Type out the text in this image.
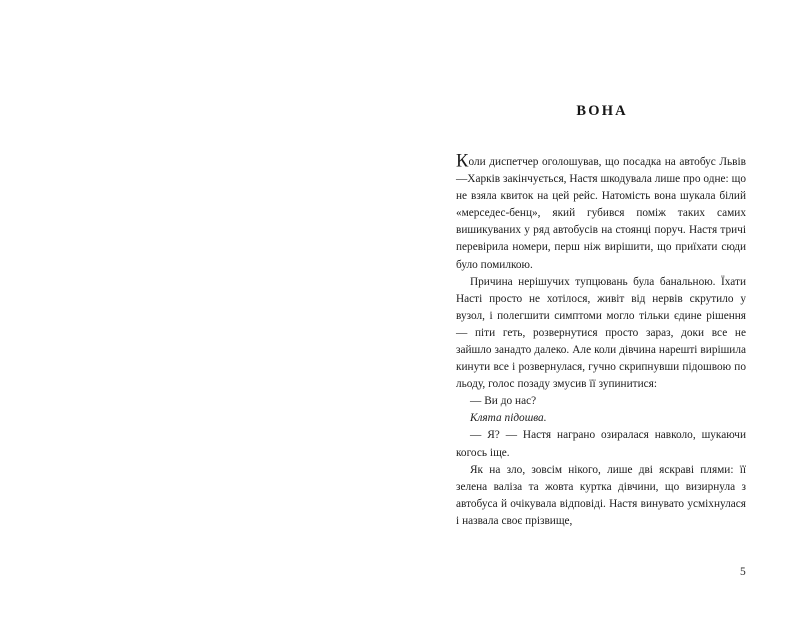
ВОНА

Коли диспетчер оголошував, що посадка на автобус Львів—Харків закінчується, Настя шкодувала лише про одне: що не взяла квиток на цей рейс. Натомість вона шукала білий «мерседес-бенц», який губився поміж таких самих вишикуваних у ряд автобусів на стоянці поруч. Настя тричі перевірила номери, перш ніж вирішити, що приїхати сюди було помилкою.

Причина нерішучих тупцювань була банальною. Їхати Насті просто не хотілося, живіт від нервів скрутило у вузол, і полегшити симптоми могло тільки єдине рішення — піти геть, розвернутися просто зараз, доки все не зайшло занадто далеко. Але коли дівчина нарешті вирішила кинути все і розвернулася, гучно скрипнувши підошвою по льоду, голос позаду змусив її зупинитися:

— Ви до нас?

Клята підошва.

— Я? — Настя награно озиралася навколо, шукаючи когось іще.

Як на зло, зовсім нікого, лише дві яскраві плями: її зелена валіза та жовта куртка дівчини, що визирнула з автобуса й очікувала відповіді. Настя винувато усміхнулася і назвала своє прізвище,

5
